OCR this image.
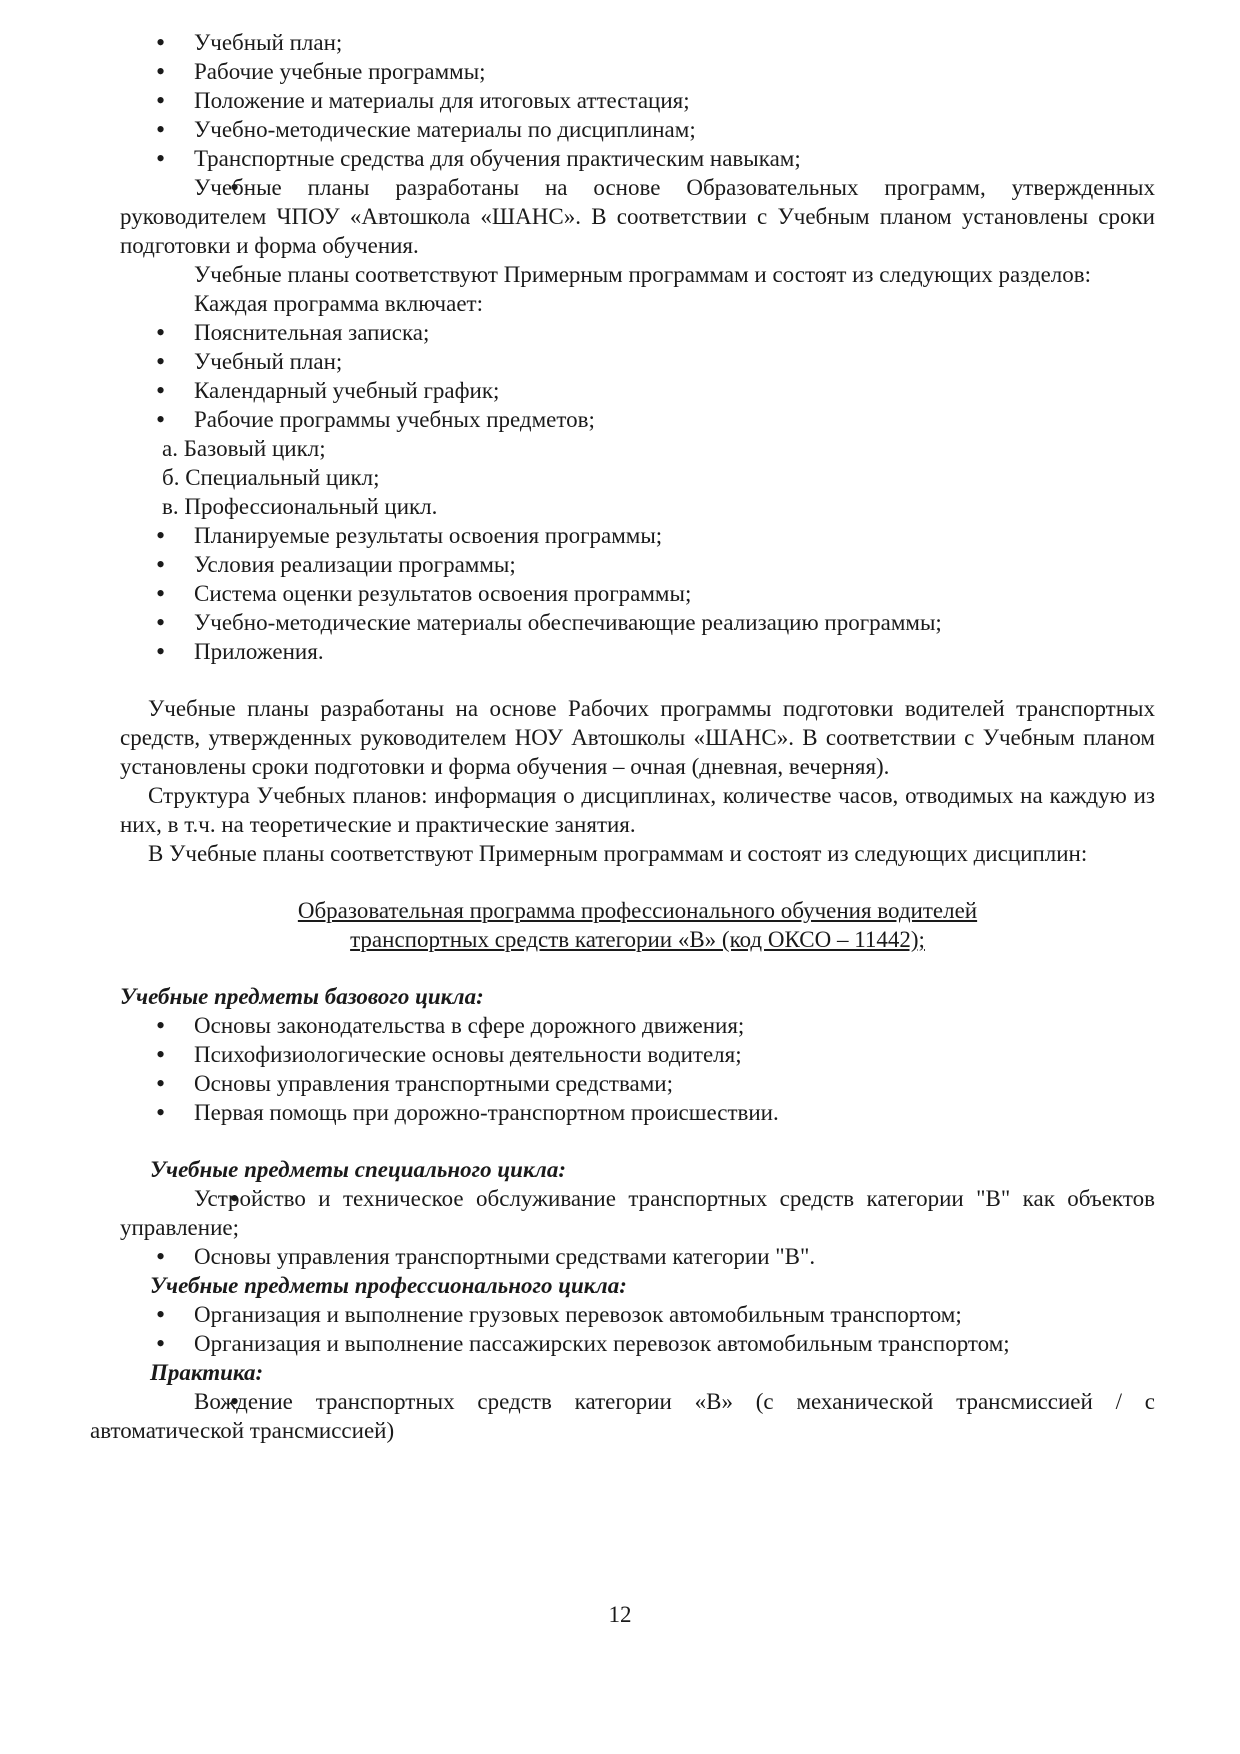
• Учебный план;

• Рабочие учебные программы;

• Положение и материалы для итоговых аттестация;

• Учебно-методические материалы по дисциплинам;

• Транспортные средства для обучения практическим навыкам;

• Учебные планы разработаны на основе Образовательных программ, утвержденных руководителем ЧПОУ «Автошкола «ШАНС». В соответствии с Учебным планом установлены сроки подготовки и форма обучения.

Учебные планы соответствуют Примерным программам и состоят из следующих разделов:

Каждая программа включает:

• Пояснительная записка;

• Учебный план;

• Календарный учебный график;

• Рабочие программы учебных предметов;

а. Базовый цикл;

б. Специальный цикл;

в. Профессиональный цикл.

• Планируемые результаты освоения программы;

• Условия реализации программы;

• Система оценки результатов освоения программы;

• Учебно-методические материалы обеспечивающие реализацию программы;

• Приложения.

Учебные планы разработаны на основе Рабочих программы подготовки водителей транспортных средств, утвержденных руководителем НОУ Автошколы «ШАНС». В соответствии с Учебным планом установлены сроки подготовки и форма обучения – очная (дневная, вечерняя).

Структура Учебных планов: информация о дисциплинах, количестве часов, отводимых на каждую из них, в т.ч. на теоретические и практические занятия.

В Учебные планы соответствуют Примерным программам и состоят из следующих дисциплин:

Образовательная программа профессионального обучения водителей

транспортных средств категории «В» (код ОКСО – 11442);

Учебные предметы базового цикла:

• Основы законодательства в сфере дорожного движения;

• Психофизиологические основы деятельности водителя;

• Основы управления транспортными средствами;

• Первая помощь при дорожно-транспортном происшествии.

Учебные предметы специального цикла:

• Устройство и техническое обслуживание транспортных средств категории "В" как объектов управление;

• Основы управления транспортными средствами категории "В".

Учебные предметы профессионального цикла:

• Организация и выполнение грузовых перевозок автомобильным транспортом;

• Организация и выполнение пассажирских перевозок автомобильным транспортом;

Практика:

• Вождение транспортных средств категории «В» (с механической трансмиссией / с автоматической трансмиссией)

12
